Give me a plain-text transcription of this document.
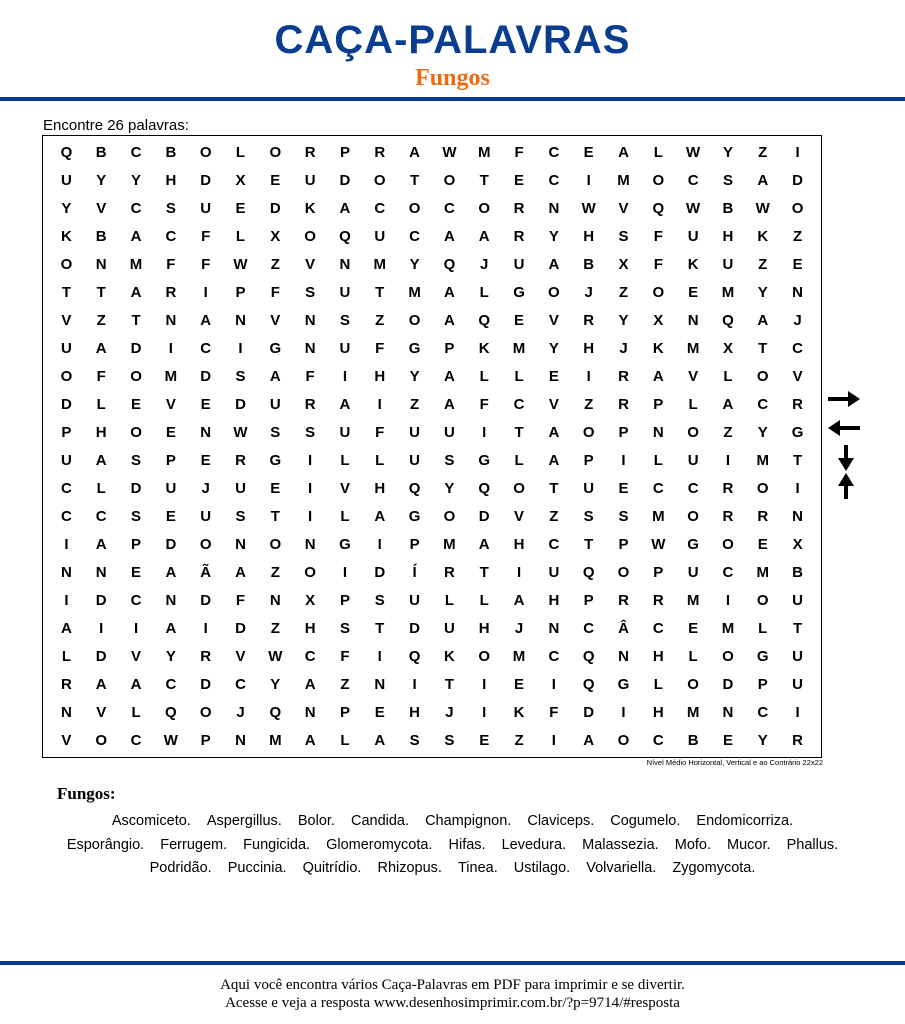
CAÇA-PALAVRAS
Fungos
Encontre 26 palavras:
Q	B	C	B	O	L	O	R	P	R	A	W	M	F	C	E	A	L	W	Y	Z	I
U	Y	Y	H	D	X	E	U	D	O	T	O	T	E	C	I	M	O	C	S	A	D
Y	V	C	S	U	E	D	K	A	C	O	C	O	R	N	W	V	Q	W	B	W	O
K	B	A	C	F	L	X	O	Q	U	C	A	A	R	Y	H	S	F	U	H	K	Z
O	N	M	F	F	W	Z	V	N	M	Y	Q	J	U	A	B	X	F	K	U	Z	E
T	T	A	R	I	P	F	S	U	T	M	A	L	G	O	J	Z	O	E	M	Y	N
V	Z	T	N	A	N	V	N	S	Z	O	A	Q	E	V	R	Y	X	N	Q	A	J
U	A	D	I	C	I	G	N	U	F	G	P	K	M	Y	H	J	K	M	X	T	C
O	F	O	M	D	S	A	F	I	H	Y	A	L	L	E	I	R	A	V	L	O	V
D	L	E	V	E	D	U	R	A	I	Z	A	F	C	V	Z	R	P	L	A	C	R
P	H	O	E	N	W	S	S	U	F	U	U	I	T	A	O	P	N	O	Z	Y	G
U	A	S	P	E	R	G	I	L	L	U	S	G	L	A	P	I	L	U	I	M	T
C	L	D	U	J	U	E	I	V	H	Q	Y	Q	O	T	U	E	C	C	R	O	I
C	C	S	E	U	S	T	I	L	A	G	O	D	V	Z	S	S	M	O	R	R	N
I	A	P	D	O	N	O	N	G	I	P	M	A	H	C	T	P	W	G	O	E	X
N	N	E	A	Ã	A	Z	O	I	D	Í	R	T	I	U	Q	O	P	U	C	M	B
I	D	C	N	D	F	N	X	P	S	U	L	L	A	H	P	R	R	M	I	O	U
A	I	I	A	I	D	Z	H	S	T	D	U	H	J	N	C	Â	C	E	M	L	T
L	D	V	Y	R	V	W	C	F	I	Q	K	O	M	C	Q	N	H	L	O	G	U
R	A	A	C	D	C	Y	A	Z	N	I	T	I	E	I	Q	G	L	O	D	P	U
N	V	L	Q	O	J	Q	N	P	E	H	J	I	K	F	D	I	H	M	N	C	I
V	O	C	W	P	N	M	A	L	A	S	S	E	Z	I	A	O	C	B	E	Y	R
Nível Médio Horizontal, Vertical e ao Contrário 22x22
Fungos:
Ascomiceto. Aspergillus. Bolor. Candida. Champignon. Claviceps. Cogumelo. Endomicorriza. Esporângio. Ferrugem. Fungicida. Glomeromycota. Hifas. Levedura. Malassezia. Mofo. Mucor. Phallus. Podridão. Puccinia. Quitrídio. Rhizopus. Tinea. Ustilago. Volvariella. Zygomycota.
Aqui você encontra vários Caça-Palavras em PDF para imprimir e se divertir.
Acesse e veja a resposta www.desenhosimprimir.com.br/?p=9714/#resposta
